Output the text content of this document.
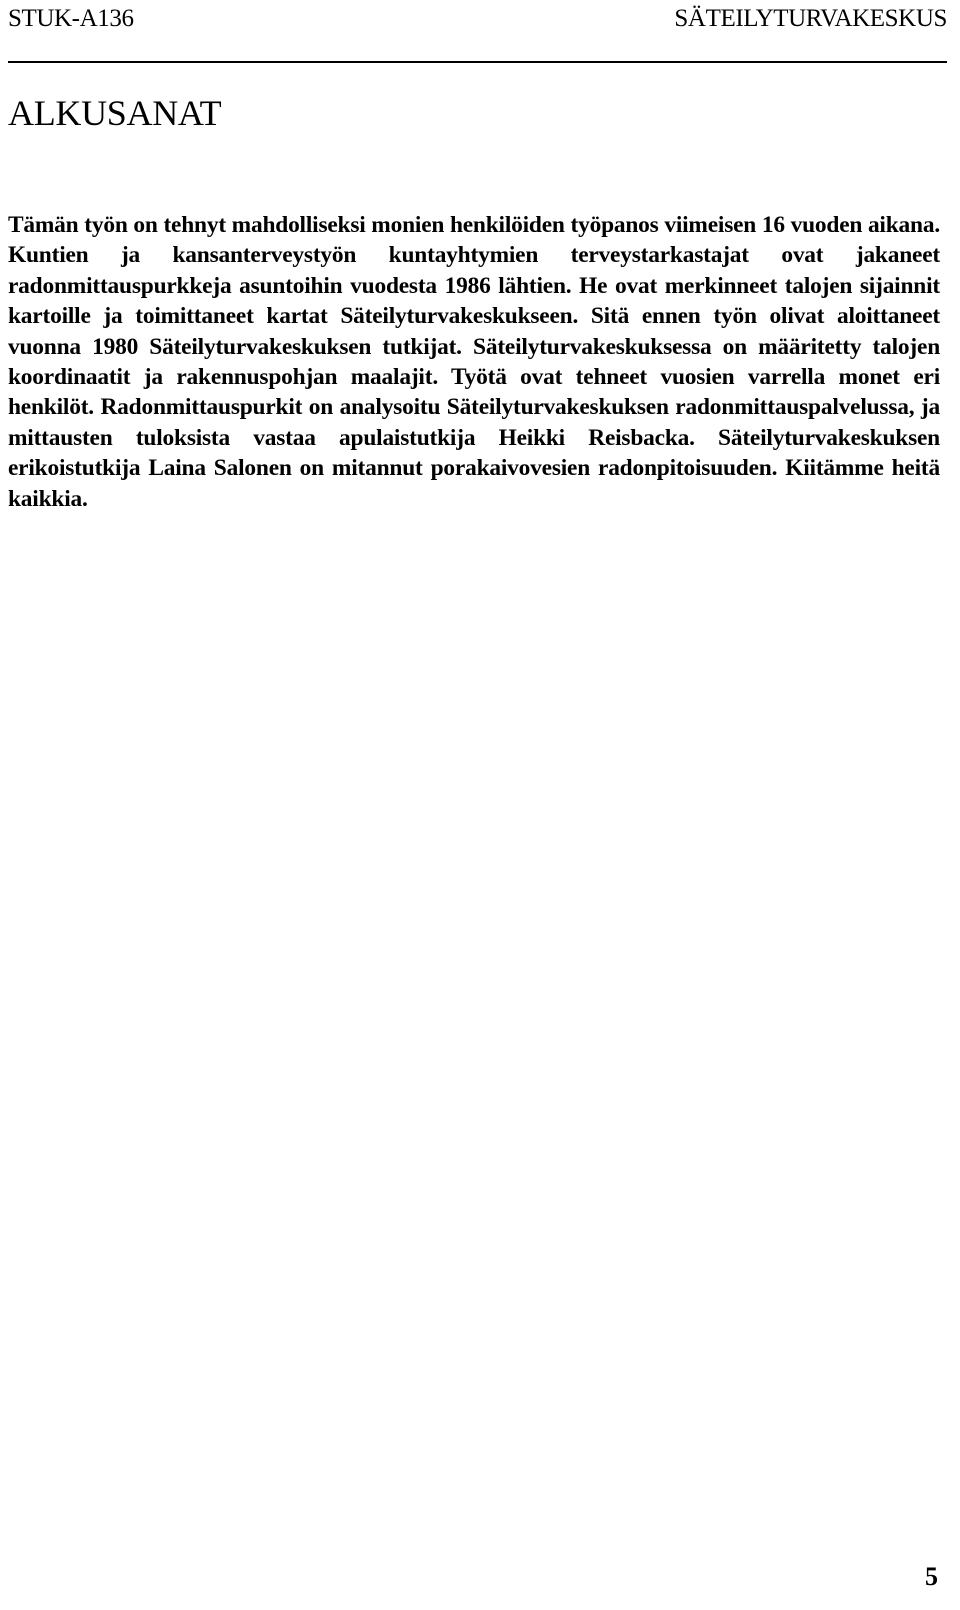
STUK-A136	SÄTEILYTURVAKESKUS
ALKUSANAT

Tämän työn on tehnyt mahdolliseksi monien henkilöiden työpanos viimeisen 16 vuoden aikana. Kuntien ja kansanterveystyön kuntayhtymien terveystarkastajat ovat jakaneet radonmittauspurkkeja asuntoihin vuodesta 1986 lähtien. He ovat merkinneet talojen sijainnit kartoille ja toimittaneet kartat Säteilyturvakeskukseen. Sitä ennen työn olivat aloittaneet vuonna 1980 Säteilyturvakeskuksen tutkijat. Säteilyturvakeskuksessa on määritetty talojen koordinaatit ja rakennuspohjan maalajit. Työtä ovat tehneet vuosien varrella monet eri henkilöt. Radonmittauspurkit on analysoitu Säteilyturvakeskuksen radonmittauspalvelussa, ja mittausten tuloksista vastaa apulaistutkija Heikki Reisbacka. Säteilyturvakeskuksen erikoistutkija Laina Salonen on mitannut porakaivovesien radonpitoisuuden. Kiitämme heitä kaikkia.

5
